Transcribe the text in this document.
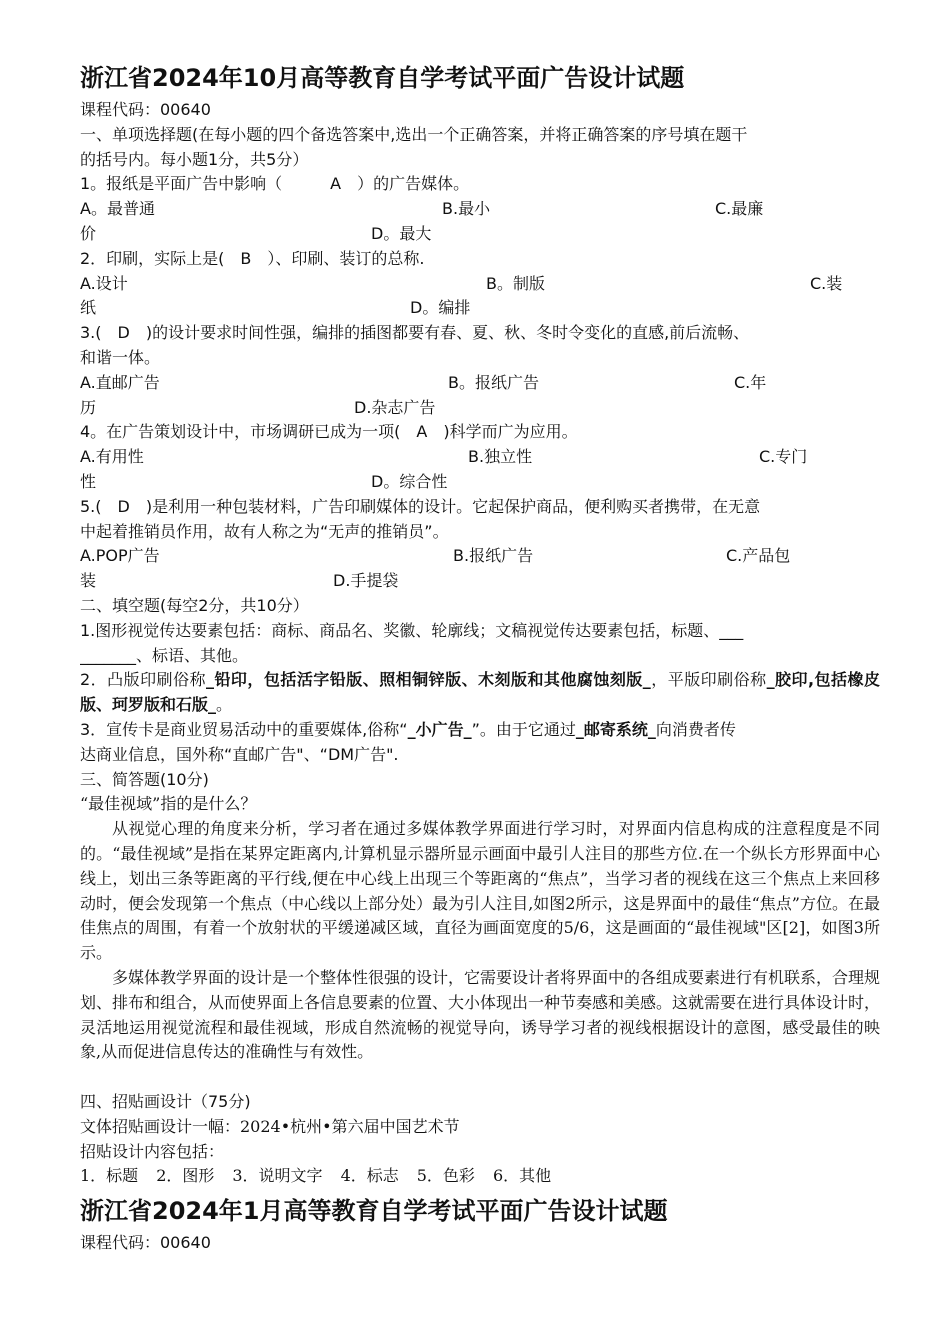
浙江省2024年10月高等教育自学考试平面广告设计试题
课程代码：00640
一、单项选择题(在每小题的四个备选答案中,选出一个正确答案，并将正确答案的序号填在题干
的括号内。每小题1分，共5分）
1。报纸是平面广告中影响（　　　A　）的广告媒体。
A。最普通	B.最小	C.最廉
价	D。最大
2．印刷，实际上是(　B　）、印刷、装订的总称.
A.设计	B。制版	C.装
纸	D。编排
3.(　D　)的设计要求时间性强，编排的插图都要有春、夏、秋、冬时令变化的直感,前后流畅、
和谐一体。
A.直邮广告	B。报纸广告	C.年
历	D.杂志广告
4。在广告策划设计中，市场调研已成为一项(　A　)科学而广为应用。
A.有用性	B.独立性	C.专门
性	D。综合性
5.(　D　)是利用一种包装材料，广告印刷媒体的设计。它起保护商品，便利购买者携带，在无意
中起着推销员作用，故有人称之为“无声的推销员”。
A.POP广告	B.报纸广告	C.产品包
装	D.手提袋
二、填空题(每空2分，共10分）
1.图形视觉传达要素包括：商标、商品名、奖徽、轮廓线；文稿视觉传达要素包括，标题、___
_______、标语、其他。
2．凸版印刷俗称_铅印，包括活字铅版、照相铜锌版、木刻版和其他腐蚀刻版_，平版印刷俗称_胶印,包括橡皮版、珂罗版和石版_。
3．宣传卡是商业贸易活动中的重要媒体,俗称“_小广告_”。由于它通过_邮寄系统_向消费者传
达商业信息，国外称“直邮广告"、“DM广告".
三、简答题(10分)
“最佳视域”指的是什么？
从视觉心理的角度来分析，学习者在通过多媒体教学界面进行学习时，对界面内信息构成的注意程度是不同的。“最佳视域”是指在某界定距离内,计算机显示器所显示画面中最引人注目的那些方位.在一个纵长方形界面中心线上，划出三条等距离的平行线,便在中心线上出现三个等距离的“焦点”，当学习者的视线在这三个焦点上来回移动时，便会发现第一个焦点（中心线以上部分处）最为引人注目,如图2所示，这是界面中的最佳“焦点”方位。在最佳焦点的周围，有着一个放射状的平缓递减区域，直径为画面宽度的5/6，这是画面的“最佳视域"区[2]，如图3所示。
多媒体教学界面的设计是一个整体性很强的设计，它需要设计者将界面中的各组成要素进行有机联系，合理规划、排布和组合，从而使界面上各信息要素的位置、大小体现出一种节奏感和美感。这就需要在进行具体设计时，灵活地运用视觉流程和最佳视域，形成自然流畅的视觉导向，诱导学习者的视线根据设计的意图，感受最佳的映象,从而促进信息传达的准确性与有效性。
四、招贴画设计（75分)
文体招贴画设计一幅：2024•杭州•第六届中国艺术节
招贴设计内容包括：
1．标题 2．图形 3．说明文字 4．标志 5．色彩 6．其他
浙江省2024年1月高等教育自学考试平面广告设计试题
课程代码：00640
